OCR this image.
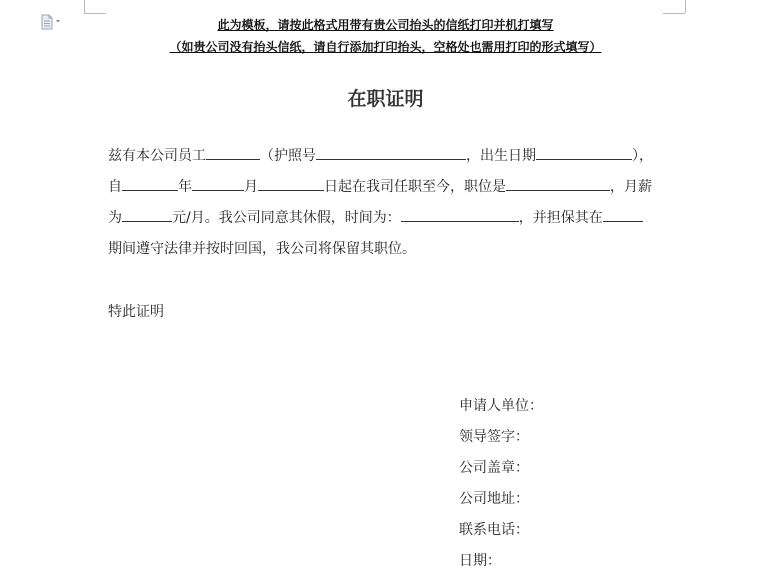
此为模板，请按此格式用带有贵公司抬头的信纸打印并机打填写
（如贵公司没有抬头信纸，请自行添加打印抬头，空格处也需用打印的形式填写）
在职证明
兹有本公司员工	（护照号	，出生日期	），
自	年	月	日起在我司任职至今，职位是	，月薪
为	元/月。我公司同意其休假，时间为：	，并担保其在
期间遵守法律并按时回国，我公司将保留其职位。
特此证明
申请人单位：
领导签字：
公司盖章：
公司地址：
联系电话：
日期：
